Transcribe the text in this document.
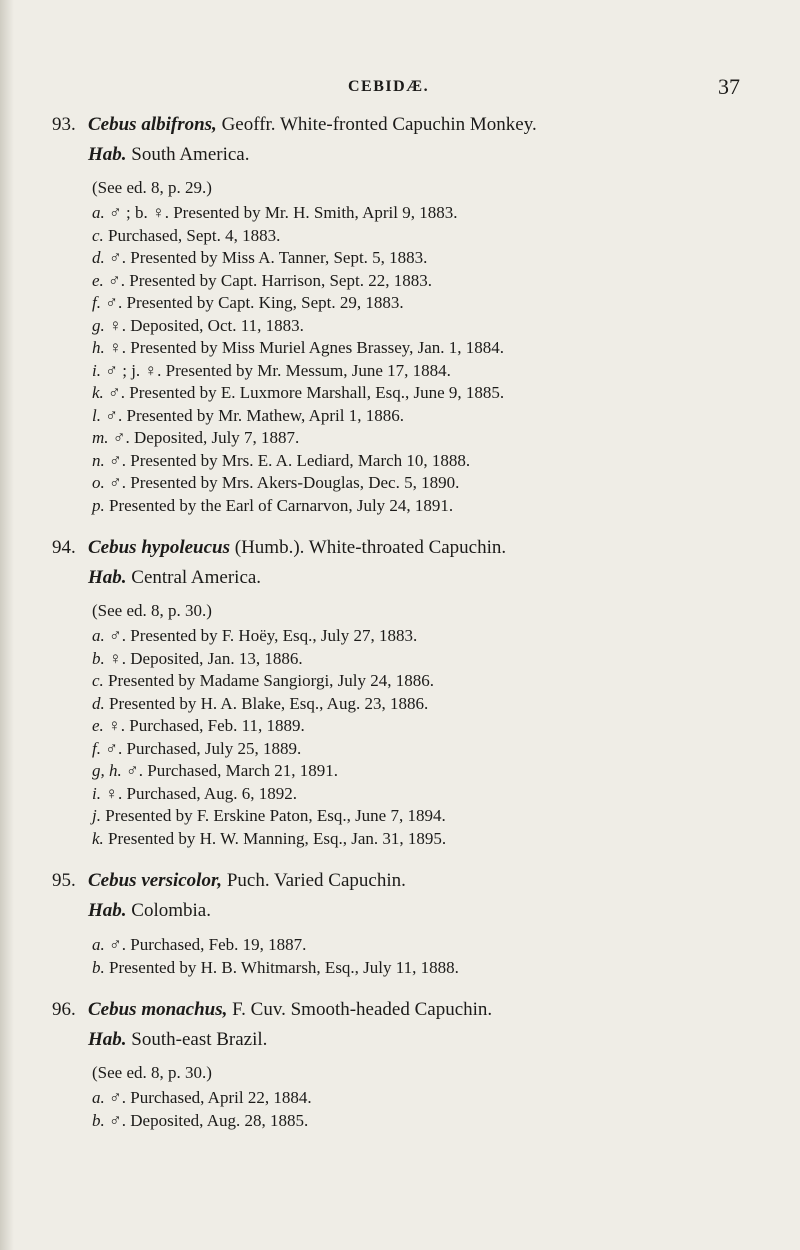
CEBIDÆ.	37

93. Cebus albifrons, Geoffr. White-fronted Capuchin Monkey.

Hab. South America.

(See ed. 8, p. 29.)

a. ♂ ; b. ♀. Presented by Mr. H. Smith, April 9, 1883.

c. Purchased, Sept. 4, 1883.

d. ♂. Presented by Miss A. Tanner, Sept. 5, 1883.

e. ♂. Presented by Capt. Harrison, Sept. 22, 1883.

f. ♂. Presented by Capt. King, Sept. 29, 1883.

g. ♀. Deposited, Oct. 11, 1883.

h. ♀. Presented by Miss Muriel Agnes Brassey, Jan. 1, 1884.

i. ♂ ; j. ♀. Presented by Mr. Messum, June 17, 1884.

k. ♂. Presented by E. Luxmore Marshall, Esq., June 9, 1885.

l. ♂. Presented by Mr. Mathew, April 1, 1886.

m. ♂. Deposited, July 7, 1887.

n. ♂. Presented by Mrs. E. A. Lediard, March 10, 1888.

o. ♂. Presented by Mrs. Akers-Douglas, Dec. 5, 1890.

p. Presented by the Earl of Carnarvon, July 24, 1891.

94. Cebus hypoleucus (Humb.). White-throated Capuchin.

Hab. Central America.

(See ed. 8, p. 30.)

a. ♂. Presented by F. Hoëy, Esq., July 27, 1883.

b. ♀. Deposited, Jan. 13, 1886.

c. Presented by Madame Sangiorgi, July 24, 1886.

d. Presented by H. A. Blake, Esq., Aug. 23, 1886.

e. ♀. Purchased, Feb. 11, 1889.

f. ♂. Purchased, July 25, 1889.

g, h. ♂. Purchased, March 21, 1891.

i. ♀. Purchased, Aug. 6, 1892.

j. Presented by F. Erskine Paton, Esq., June 7, 1894.

k. Presented by H. W. Manning, Esq., Jan. 31, 1895.

95. Cebus versicolor, Puch. Varied Capuchin.

Hab. Colombia.

a. ♂. Purchased, Feb. 19, 1887.

b. Presented by H. B. Whitmarsh, Esq., July 11, 1888.

96. Cebus monachus, F. Cuv. Smooth-headed Capuchin.

Hab. South-east Brazil.

(See ed. 8, p. 30.)

a. ♂. Purchased, April 22, 1884.

b. ♂. Deposited, Aug. 28, 1885.
